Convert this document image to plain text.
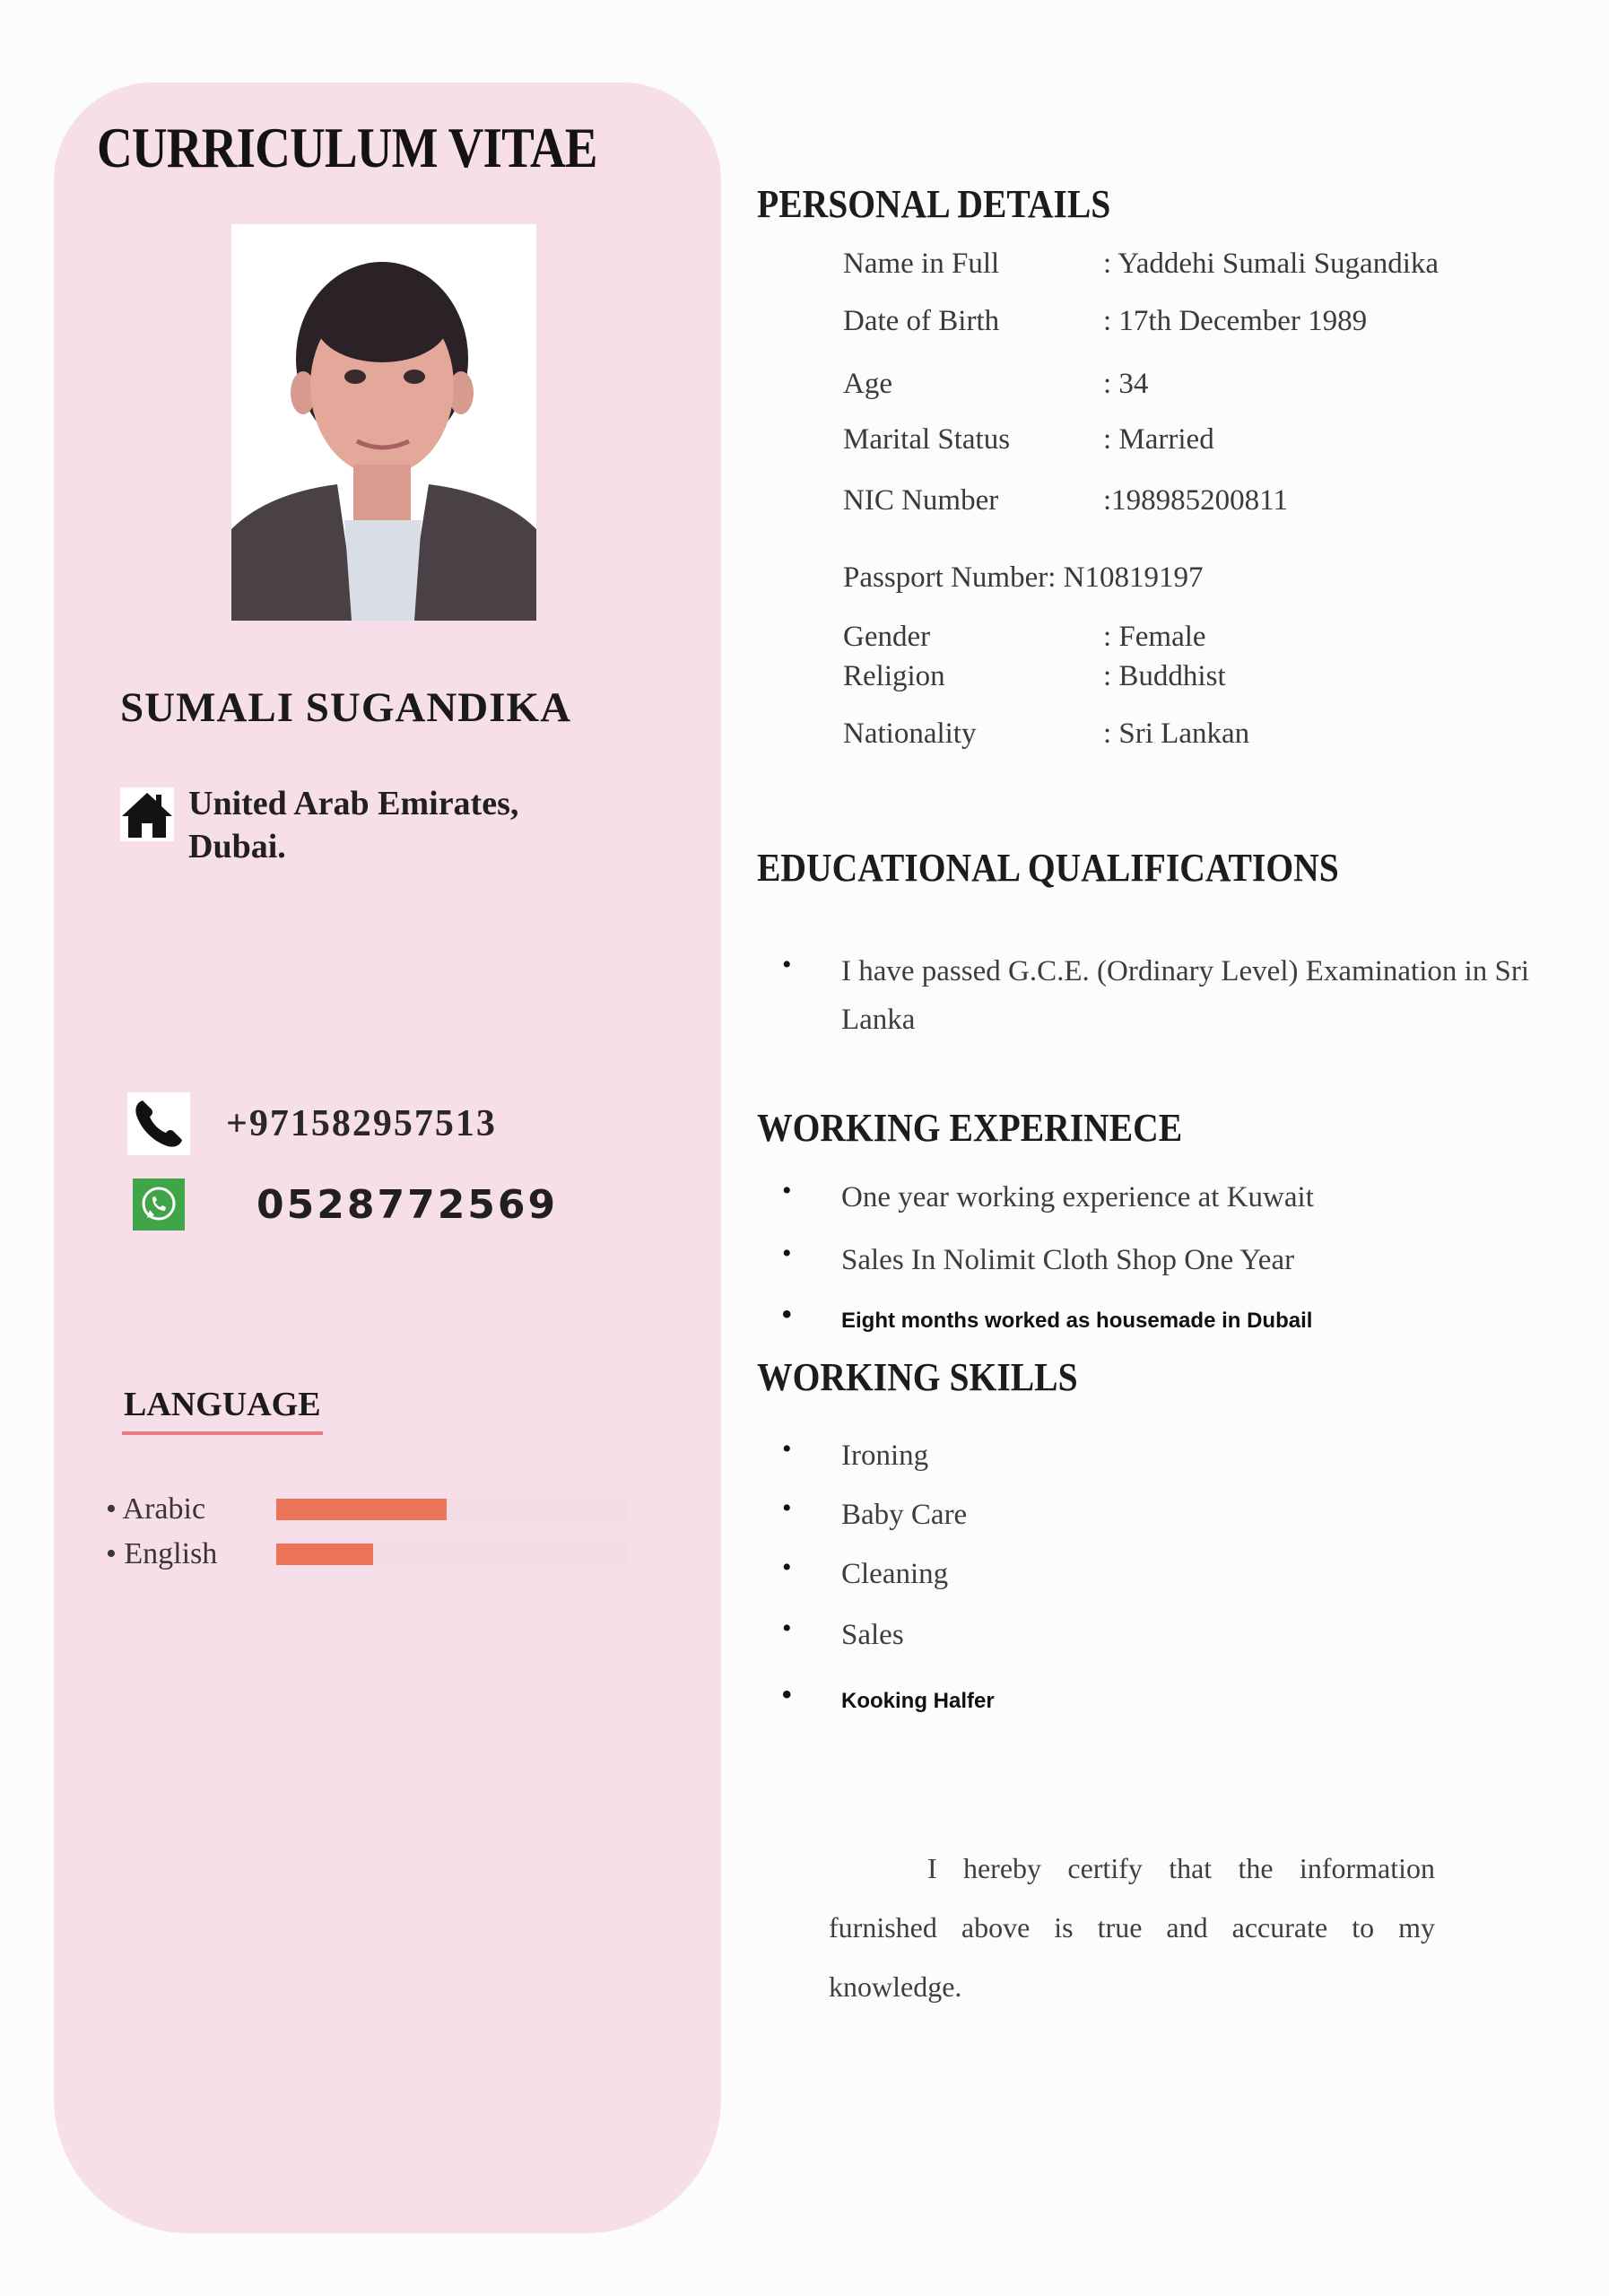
CURRICULUM VITAE
SUMALI SUGANDIKA
United Arab Emirates,
Dubai.
+971582957513
0528772569
LANGUAGE
• Arabic
• English
PERSONAL DETAILS
Name in Full	: Yaddehi Sumali Sugandika
Date of Birth	: 17th December 1989
Age	: 34
Marital Status	: Married
NIC Number	:198985200811
Passport Number : N10819197
Gender	: Female
Religion	: Buddhist
Nationality	: Sri Lankan
EDUCATIONAL QUALIFICATIONS
•	I have passed G.C.E. (Ordinary Level) Examination in Sri Lanka
WORKING EXPERINECE
•	One year working experience at Kuwait
•	Sales In Nolimit Cloth Shop One Year
•	Eight months worked as housemade in Dubail
WORKING SKILLS
•	Ironing
•	Baby Care
•	Cleaning
•	Sales
•	Kooking Halfer
I hereby certify that the information furnished above is true and accurate to my knowledge.
